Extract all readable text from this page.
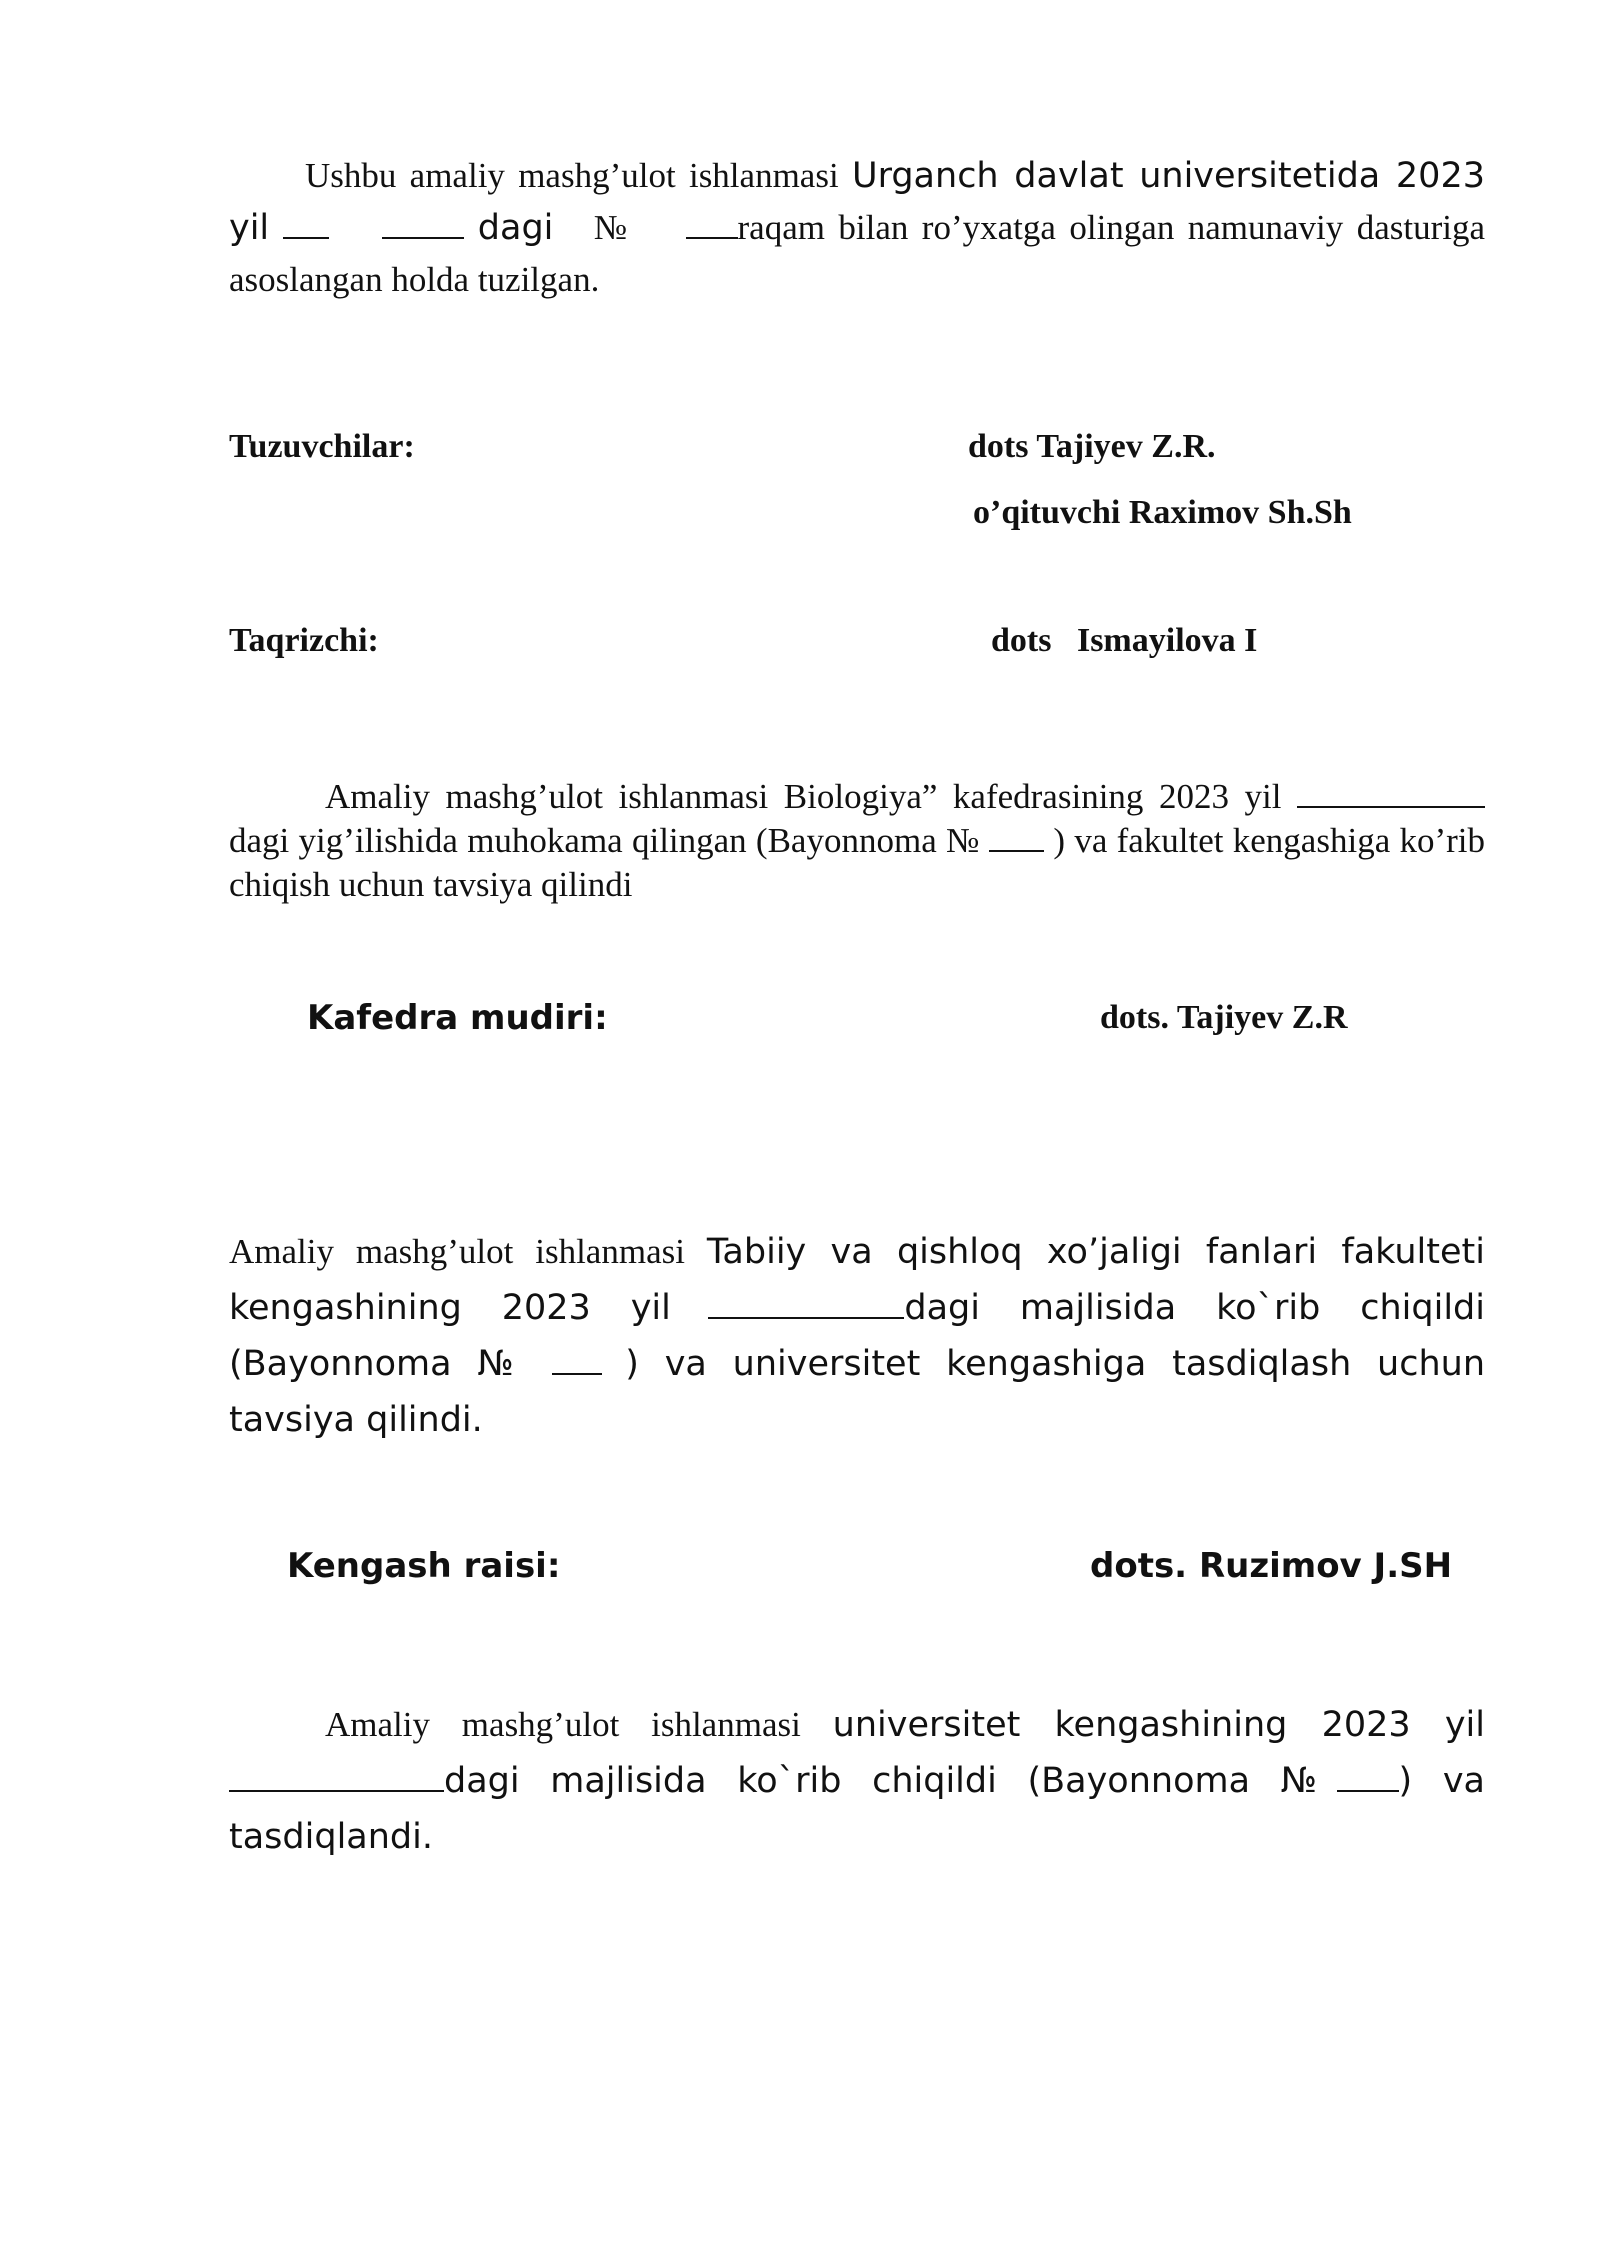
Ushbu amaliy mashg’ulot ishlanmasi Urganch davlat universitetida 2023 yil	dagi №	raqam bilan ro’yxatga olingan namunaviy dasturiga asoslangan holda tuzilgan.

Tuzuvchilar:	dots Tajiyev Z.R.
o’qituvchi Raximov Sh.Sh
Taqrizchi:	dots   Ismayilova I

Amaliy mashg’ulot ishlanmasi Biologiya” kafedrasining 2023 yil  dagi yig’ilishida muhokama qilingan (Bayonnoma № ) va fakultet kengashiga ko’rib chiqish uchun tavsiya qilindi

Kafedra mudiri:	dots. Tajiyev Z.R

Amaliy mashg’ulot ishlanmasi Tabiiy va qishloq xo’jaligi fanlari fakulteti kengashining 2023 yil	dagi majlisida ko`rib chiqildi (Bayonnoma №	) va universitet kengashiga tasdiqlash uchun tavsiya qilindi.

Kengash raisi:	dots. Ruzimov J.SH

Amaliy mashg’ulot ishlanmasi universitet kengashining 2023 yildagi majlisida ko`rib chiqildi (Bayonnoma № ) va tasdiqlandi.
